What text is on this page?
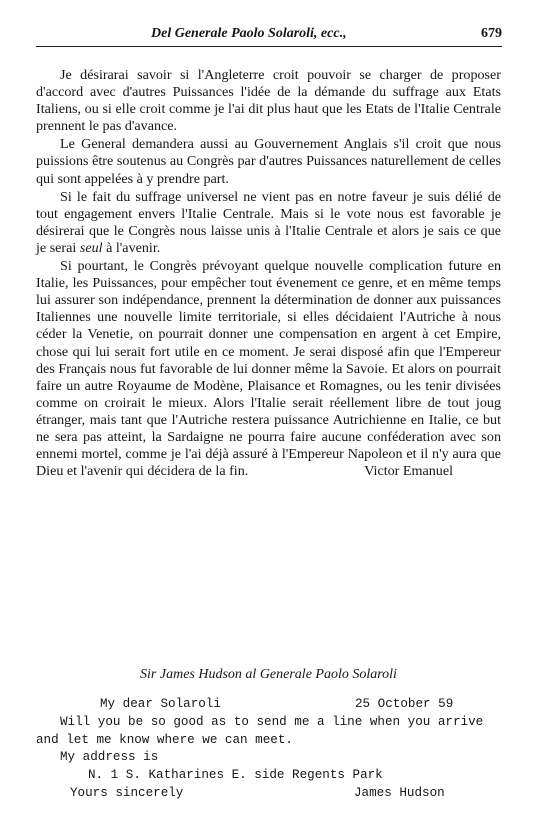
Del Generale Paolo Solaroli, ecc.,	679

Je désirarai savoir si l'Angleterre croit pouvoir se charger de proposer d'accord avec d'autres Puissances l'idée de la démande du suffrage aux Etats Italiens, ou si elle croit comme je l'ai dit plus haut que les Etats de l'Italie Centrale prennent le pas d'avance.

Le General demandera aussi au Gouvernement Anglais s'il croit que nous puissions être soutenus au Congrès par d'autres Puissances naturellement de celles qui sont appelées à y prendre part.

Si le fait du suffrage universel ne vient pas en notre faveur je suis délié de tout engagement envers l'Italie Centrale. Mais si le vote nous est favorable je désirerai que le Congrès nous laisse unis à l'Italie Centrale et alors je sais ce que je serai seul à l'avenir.

Si pourtant, le Congrès prévoyant quelque nouvelle complication future en Italie, les Puissances, pour empêcher tout évenement ce genre, et en même temps lui assurer son indépendance, prennent la détermination de donner aux puissances Italiennes une nouvelle limite territoriale, si elles décidaient l'Autriche à nous céder la Venetie, on pourrait donner une compensation en argent à cet Empire, chose qui lui serait fort utile en ce moment. Je serai disposé afin que l'Empereur des Français nous fut favorable de lui donner même la Savoie. Et alors on pourrait faire un autre Royaume de Modène, Plaisance et Romagnes, ou les tenir divisées comme on croirait le mieux. Alors l'Italie serait réellement libre de tout joug étranger, mais tant que l'Autriche restera puissance Autrichienne en Italie, ce but ne sera pas atteint, la Sardaigne ne pourra faire aucune conféderation avec son ennemi mortel, comme je l'ai déjà assuré à l'Empereur Napoleon et il n'y aura que Dieu et l'avenir qui décidera de la fin.	Victor Emanuel

Sir James Hudson al Generale Paolo Solaroli
My dear Solaroli	25 October 59
Will you be so good as to send me a line when you arrive
and let me know where we can meet.
My address is
N. 1 S. Katharines E. side Regents Park
Yours sincerely	James Hudson
